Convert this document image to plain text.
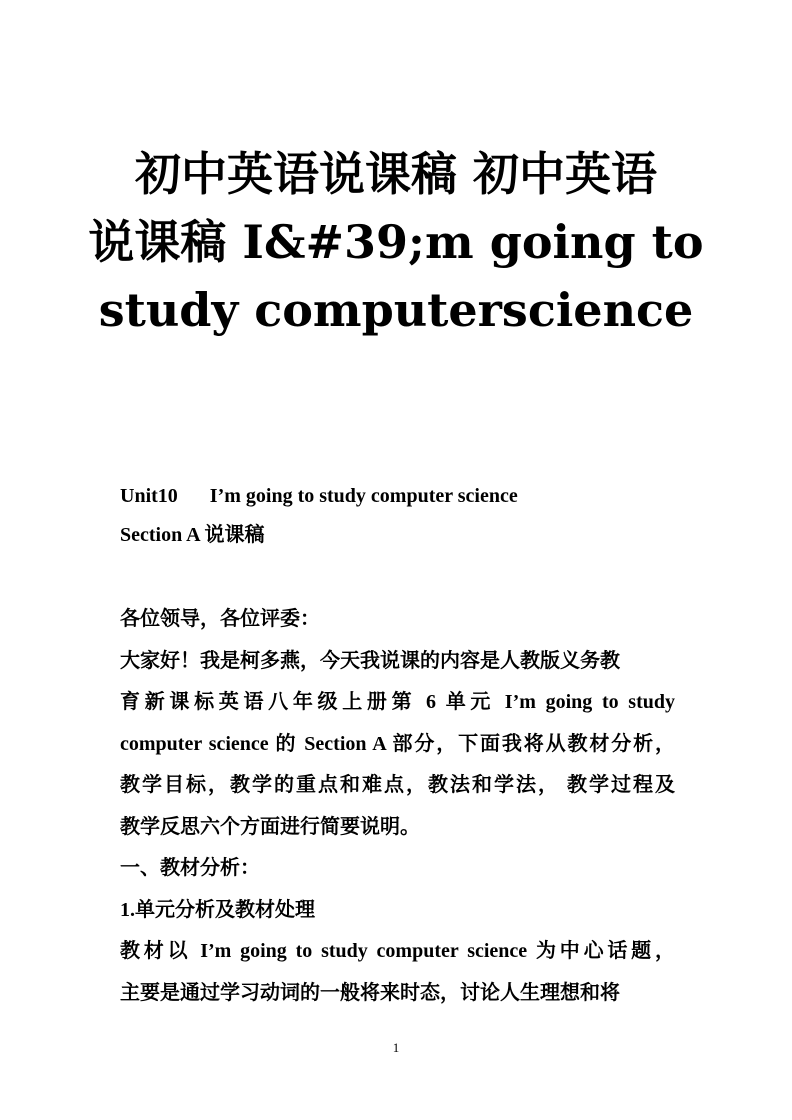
初中英语说课稿 初中英语
说课稿 I&#39;m going to
study computerscience
Unit10 I’m going to study computer science
Section A 说课稿
各位领导，各位评委：
大家好！我是柯多燕，今天我说课的内容是人教版义务教
育新课标英语八年级上册第 6 单元 I’m going to study
computer science 的 Section A 部分，下面我将从教材分析，
教学目标，教学的重点和难点，教法和学法， 教学过程及
教学反思六个方面进行简要说明。
一、教材分析：
1.单元分析及教材处理
教材以 I’m going to study computer science 为中心话题，
主要是通过学习动词的一般将来时态，讨论人生理想和将
1
